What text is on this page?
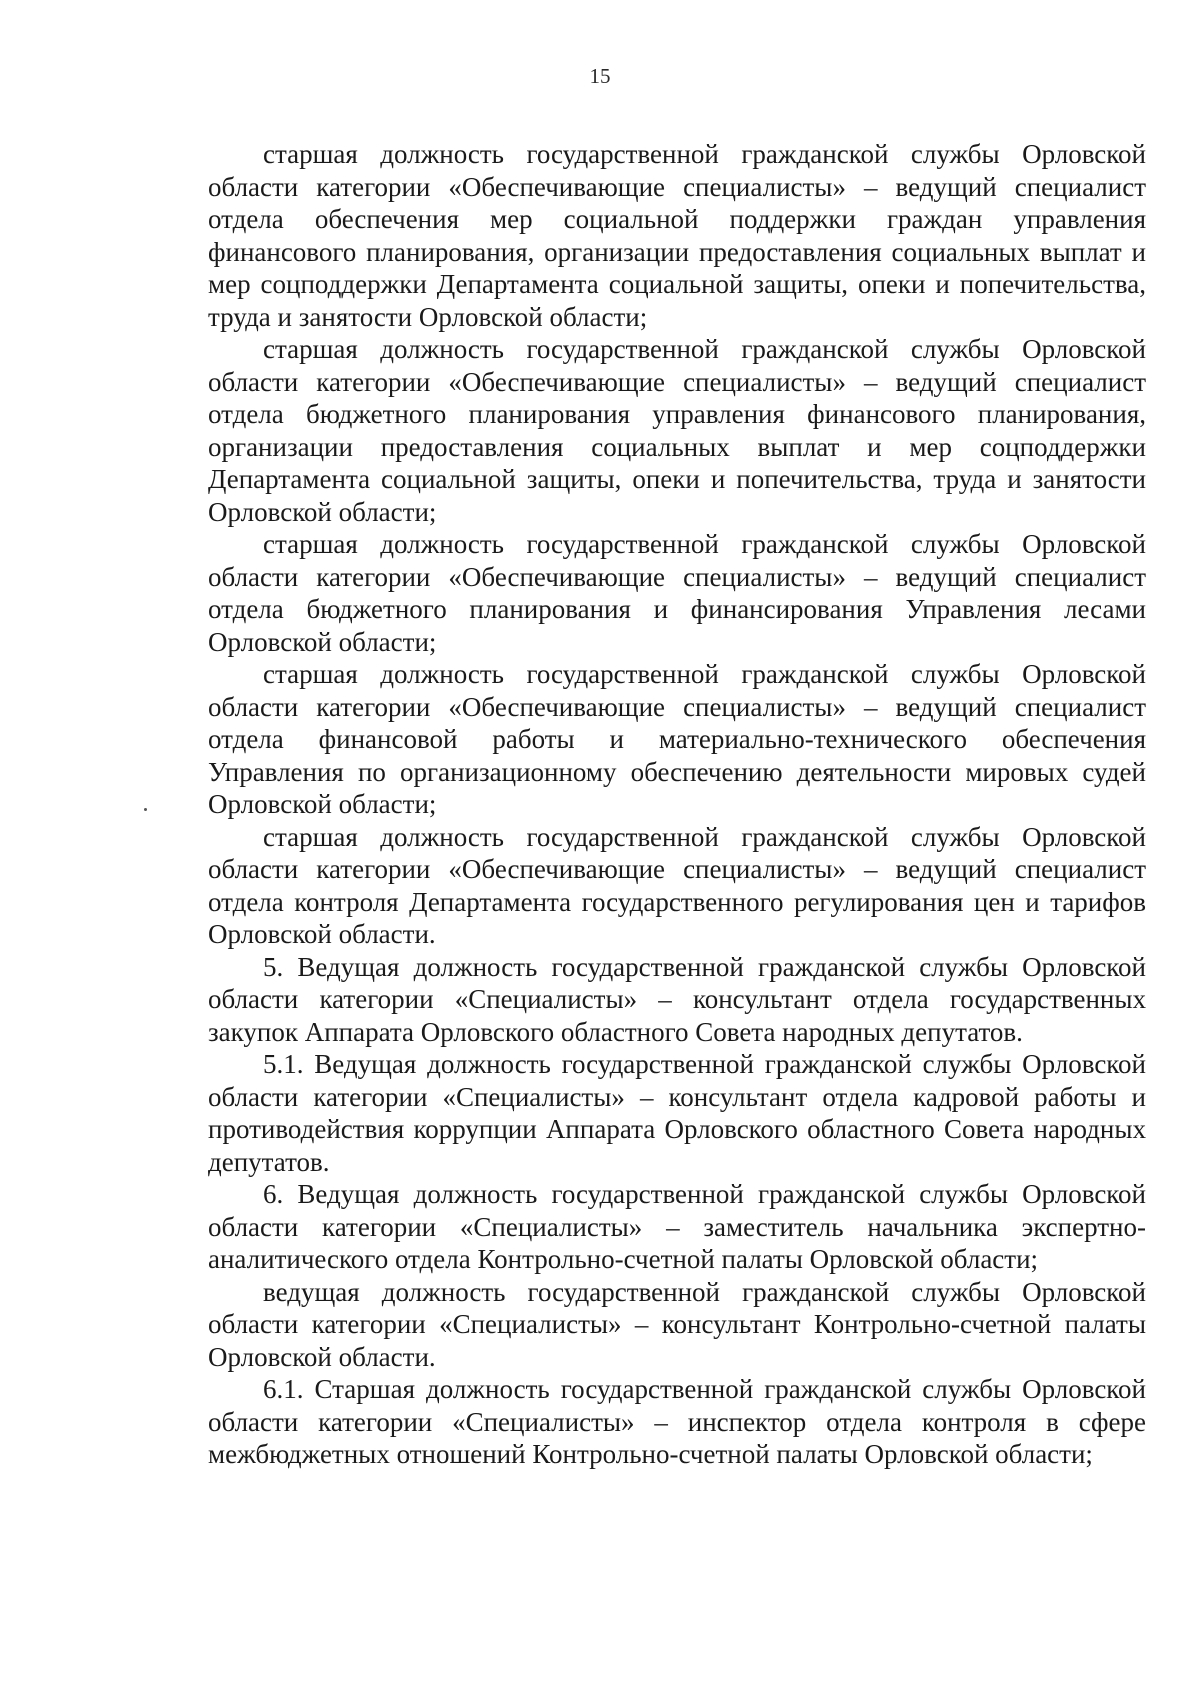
15

старшая должность государственной гражданской службы Орловской области категории «Обеспечивающие специалисты» – ведущий специалист отдела обеспечения мер социальной поддержки граждан управления финансового планирования, организации предоставления социальных выплат и мер соцподдержки Департамента социальной защиты, опеки и попечительства, труда и занятости Орловской области;

старшая должность государственной гражданской службы Орловской области категории «Обеспечивающие специалисты» – ведущий специалист отдела бюджетного планирования управления финансового планирования, организации предоставления социальных выплат и мер соцподдержки Департамента социальной защиты, опеки и попечительства, труда и занятости Орловской области;

старшая должность государственной гражданской службы Орловской области категории «Обеспечивающие специалисты» – ведущий специалист отдела бюджетного планирования и финансирования Управления лесами Орловской области;

старшая должность государственной гражданской службы Орловской области категории «Обеспечивающие специалисты» – ведущий специалист отдела финансовой работы и материально-технического обеспечения Управления по организационному обеспечению деятельности мировых судей Орловской области;

старшая должность государственной гражданской службы Орловской области категории «Обеспечивающие специалисты» – ведущий специалист отдела контроля Департамента государственного регулирования цен и тарифов Орловской области.

5. Ведущая должность государственной гражданской службы Орловской области категории «Специалисты» – консультант отдела государственных закупок Аппарата Орловского областного Совета народных депутатов.

5.1. Ведущая должность государственной гражданской службы Орловской области категории «Специалисты» – консультант отдела кадровой работы и противодействия коррупции Аппарата Орловского областного Совета народных депутатов.

6. Ведущая должность государственной гражданской службы Орловской области категории «Специалисты» – заместитель начальника экспертно-аналитического отдела Контрольно-счетной палаты Орловской области;

ведущая должность государственной гражданской службы Орловской области категории «Специалисты» – консультант Контрольно-счетной палаты Орловской области.

6.1. Старшая должность государственной гражданской службы Орловской области категории «Специалисты» – инспектор отдела контроля в сфере межбюджетных отношений Контрольно-счетной палаты Орловской области;
